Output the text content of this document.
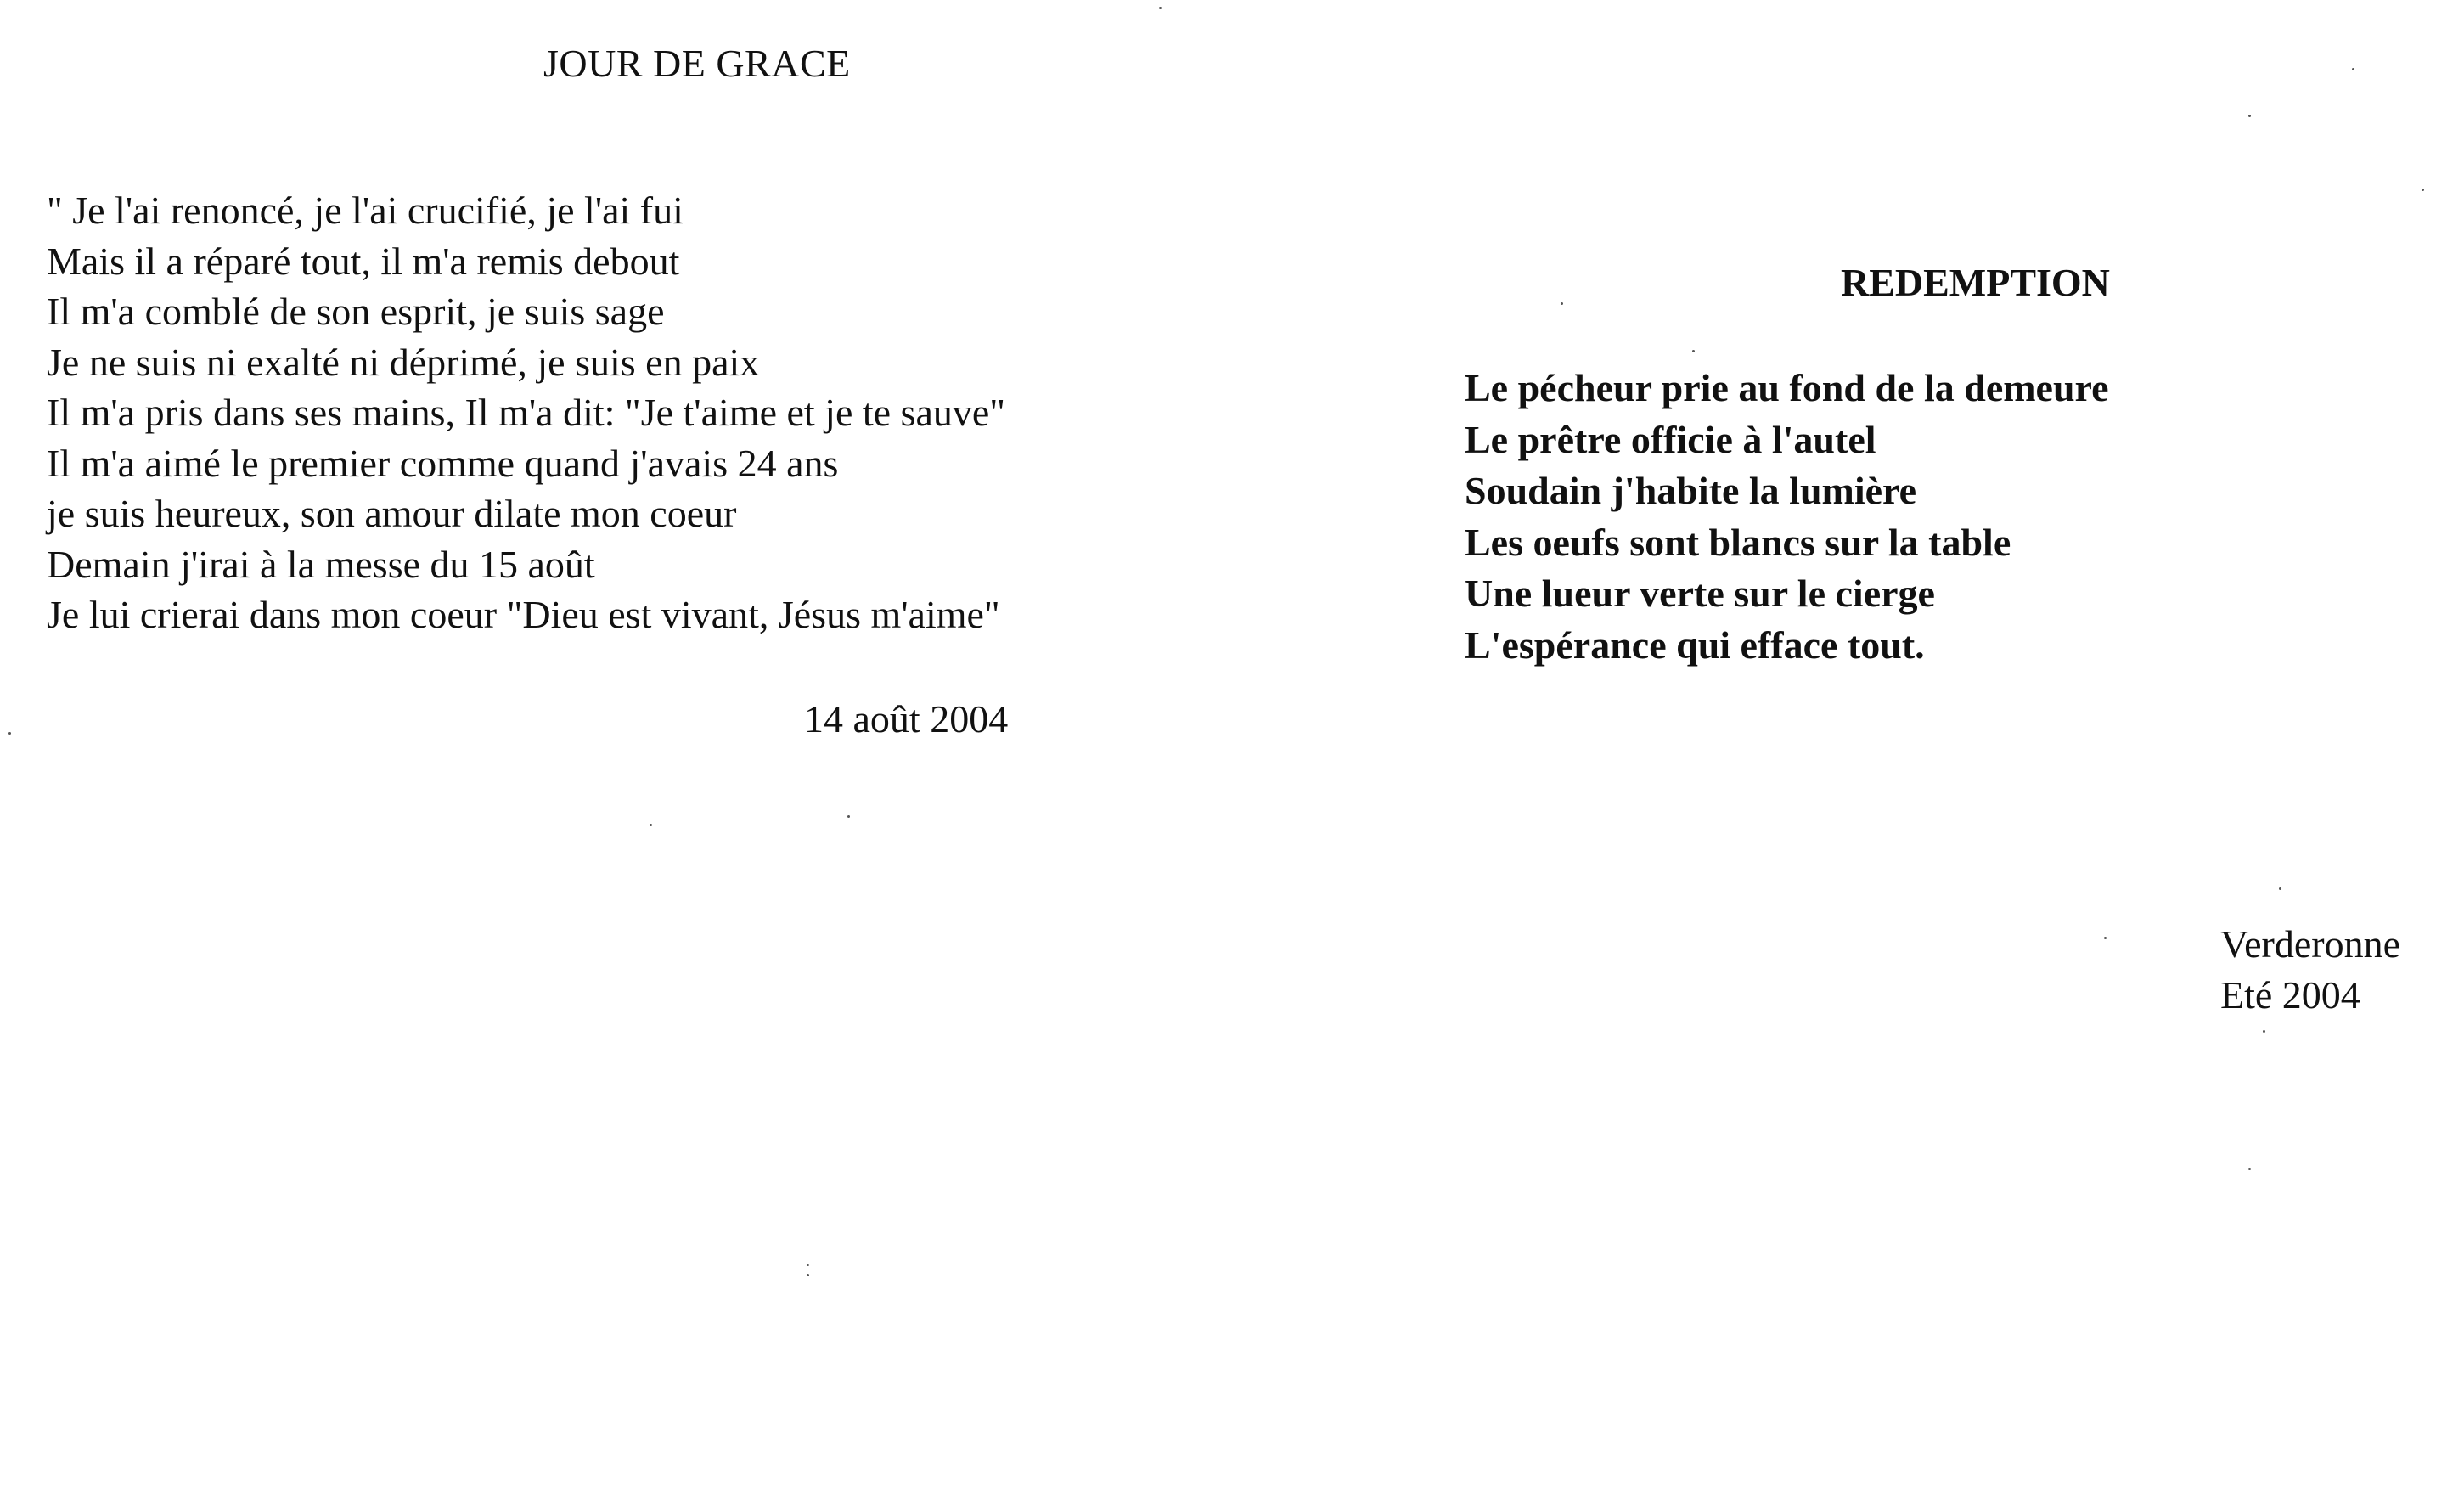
JOUR DE GRACE
" Je l'ai renoncé, je l'ai crucifié, je l'ai fui
Mais il a réparé tout, il m'a remis debout
Il m'a comblé de son esprit, je suis sage
Je ne suis ni exalté ni déprimé, je suis en paix
Il m'a pris dans ses mains, Il m'a dit: "Je t'aime et je te sauve"
Il m'a aimé le premier comme quand j'avais 24 ans
je suis heureux, son amour dilate mon coeur
Demain j'irai à la messe du 15 août
Je lui crierai dans mon coeur "Dieu est vivant, Jésus m'aime"
14 août 2004
REDEMPTION
Le pécheur prie au fond de la demeure
Le prêtre officie à l'autel
Soudain j'habite la lumière
Les oeufs sont blancs sur la table
Une lueur verte sur le cierge
L'espérance qui efface tout.
Verderonne
Eté 2004
